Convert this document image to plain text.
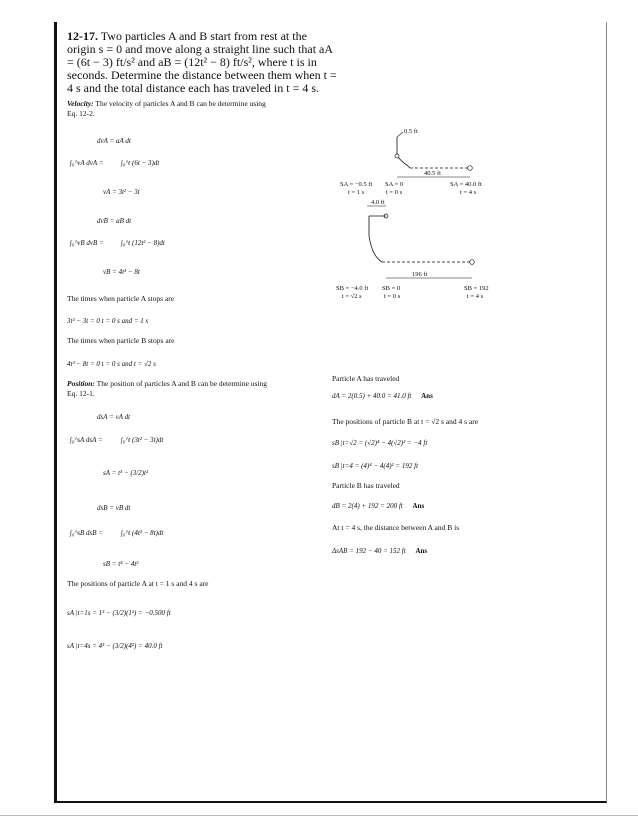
12-17. Two particles A and B start from rest at the origin s = 0 and move along a straight line such that aA = (6t − 3) ft/s² and aB = (12t² − 8) ft/s², where t is in seconds. Determine the distance between them when t = 4 s and the total distance each has traveled in t = 4 s.
Velocity: The velocity of particles A and B can be determine using
Eq. 12-2.
dvA = aA dt
∫₀^vA dvA = ∫₀^t (6t − 3)dt
vA = 3t² − 3t
dvB = aB dt
∫₀^vB dvB = ∫₀^t (12t² − 8)dt
vB = 4t³ − 8t
The times when particle A stops are
3t² − 3t = 0 t = 0 s and = 1 s
The times when particle B stops are
4t³ − 8t = 0 t = 0 s and t = √2 s
Position: The position of particles A and B can be determine using
Eq. 12-1.
dsA = vA dt
∫₀^sA dsA =	∫₀^t (3t² − 3t)dt
sA = t³ − (3/2)t²
dsB = vB dt
∫₀^sB dsB =	∫₀^t (4t³ − 8t)dt
sB = t⁴ − 4t²
The positions of particle A at t = 1 s and 4 s are
sA |t=1s = 1³ − (3/2)(1²) = −0.500 ft
sA |t=4s = 4³ − (3/2)(4²) = 40.0 ft
Particle A has traveled
dA = 2(0.5) + 40.0 = 41.0 ft Ans
The positions of particle B at t = √2 s and 4 s are
sB |t=√2 = (√2)⁴ − 4(√2)² = −4 ft
sB |t=4 = (4)⁴ − 4(4)² = 192 ft
Particle B has traveled
dB = 2(4) + 192 = 200 ft Ans
At t = 4 s, the distance between A and B is
ΔsAB = 192 − 40 = 152 ft Ans
0.5 ft
40.5 ft
SA = −0.5 ft SA = 0	SA = 40.0 ft
t = 1 s	t = 0 s	t = 4 s
4.0 ft
196 ft
SB = −4.0 ft SB = 0	SB = 192
t = √2 s	t = 0 s	t = 4 s
